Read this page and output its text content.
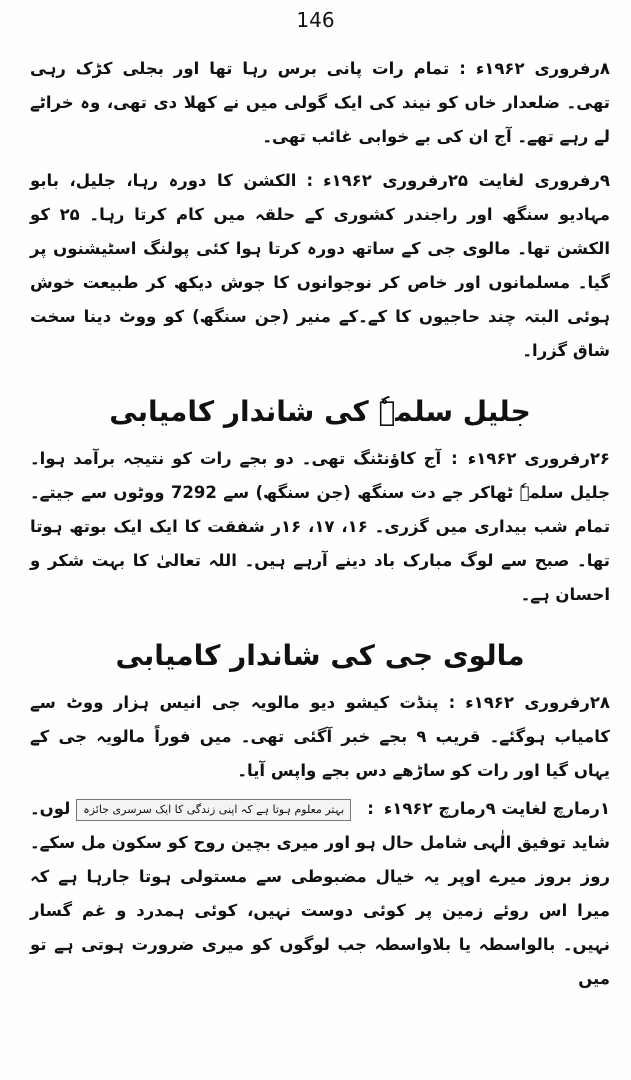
146

۸رفروری ۱۹۶۲ء:تمام رات پانی برس رہا تھا اور بجلی کڑک رہی تھی۔ ضلعدار خاں کو نیند کی ایک گولی میں نے کھلا دی تھی، وہ خراٹے لے رہے تھے۔ آج ان کی بے خوابی غائب تھی۔

۹رفروری لغایت ۲۵رفروری ۱۹۶۲ء:الکشن کا دورہ رہا، جلیل، بابو مہادیو سنگھ اور راجندر کشوری کے حلقہ میں کام کرتا رہا۔ ۲۵ کو الکشن تھا۔ مالوی جی کے ساتھ دورہ کرتا ہوا کئی پولنگ اسٹیشنوں پر گیا۔ مسلمانوں اور خاص کر نوجوانوں کا جوش دیکھ کر طبیعت خوش ہوئی البتہ چند حاجیوں کا کے۔کے منیر (جن سنگھ) کو ووٹ دینا سخت شاق گزرا۔

جلیل سلمہٗ کی شاندار کامیابی

۲۶رفروری ۱۹۶۲ء:آج کاؤنٹنگ تھی۔ دو بجے رات کو نتیجہ برآمد ہوا۔ جلیل سلمہٗ ٹھاکر جے دت سنگھ (جن سنگھ) سے 7292 ووٹوں سے جیتے۔ تمام شب بیداری میں گزری۔ ۱۶، ۱۷، ۱۶ر شفقت کا ایک ایک بوتھ ہوتا تھا۔ صبح سے لوگ مبارک باد دینے آرہے ہیں۔ اللہ تعالیٰ کا بہت شکر و احسان ہے۔

مالوی جی کی شاندار کامیابی

۲۸رفروری ۱۹۶۲ء:پنڈت کیشو دیو مالویہ جی انیس ہزار ووٹ سے کامیاب ہوگئے۔ قریب ۹ بجے خبر آگئی تھی۔ میں فوراً مالویہ جی کے یہاں گیا اور رات کو ساڑھے دس بجے واپس آیا۔

۱رمارچ لغایت ۹رمارچ ۱۹۶۲ء:بہتر معلوم ہوتا ہے کہ اپنی زندگی کا ایک سرسری جائزہلوں۔ شاید توفیق الٰہی شامل حال ہو اور میری بچین روح کو سکون مل سکے۔ روز بروز میرے اوپر یہ خیال مضبوطی سے مستولی ہوتا جارہا ہے کہ میرا اس روئے زمین پر کوئی دوست نہیں، کوئی ہمدرد و غم گسار نہیں۔ بالواسطہ یا بلاواسطہ جب لوگوں کو میری ضرورت ہوتی ہے تو میں
